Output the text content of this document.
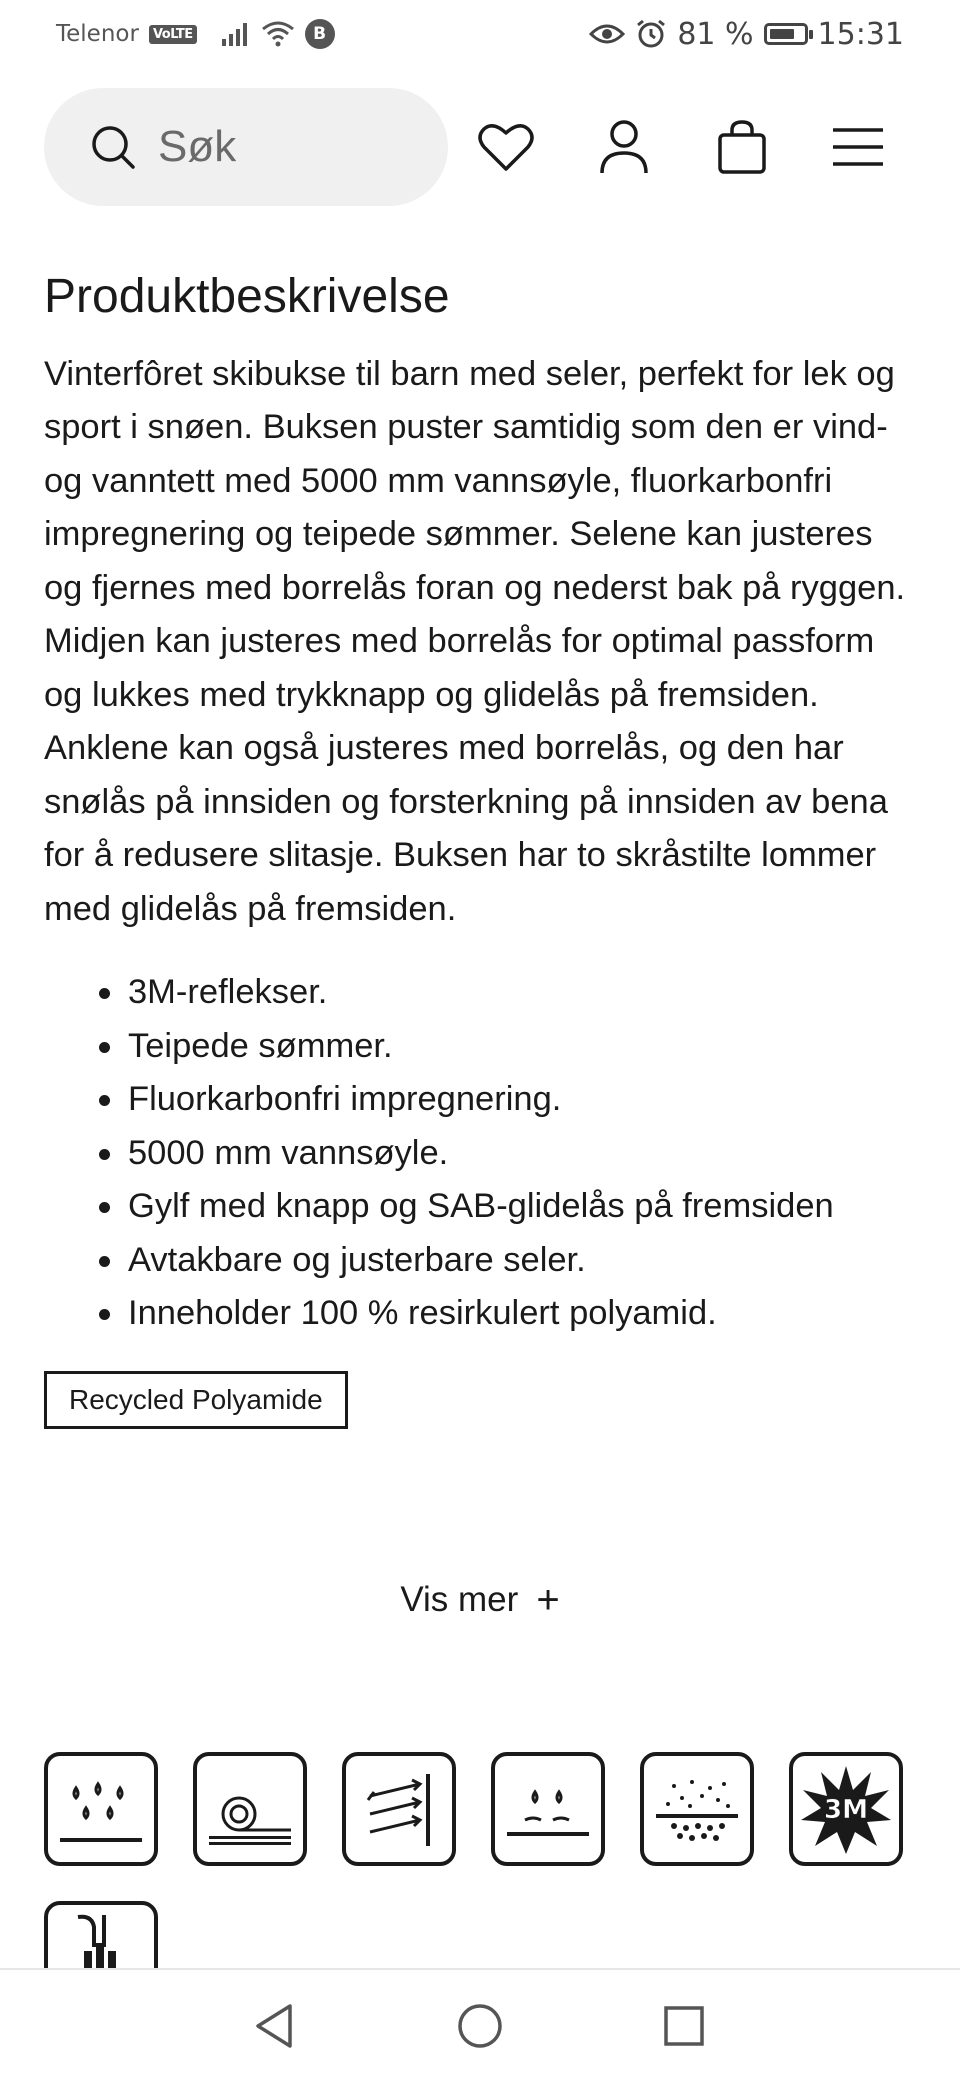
Telenor	VoLTE	B	81 % 15:31
Søk
Produktbeskrivelse

Vinterfôret skibukse til barn med seler, perfekt for lek og sport i snøen. Buksen puster samtidig som den er vind- og vanntett med 5000 mm vannsøyle, fluorkarbonfri impregnering og teipede sømmer. Selene kan justeres og fjernes med borrelås foran og nederst bak på ryggen. Midjen kan justeres med borrelås for optimal passform og lukkes med trykknapp og glidelås på fremsiden. Anklene kan også justeres med borrelås, og den har snølås på innsiden og forsterkning på innsiden av bena for å redusere slitasje. Buksen har to skråstilte lommer med glidelås på fremsiden.

3M-reflekser.
Teipede sømmer.
Fluorkarbonfri impregnering.
5000 mm vannsøyle.
Gylf med knapp og SAB-glidelås på fremsiden
Avtakbare og justerbare seler.
Inneholder 100 % resirkulert polyamid.
Recycled Polyamide
Vis mer +
3M
